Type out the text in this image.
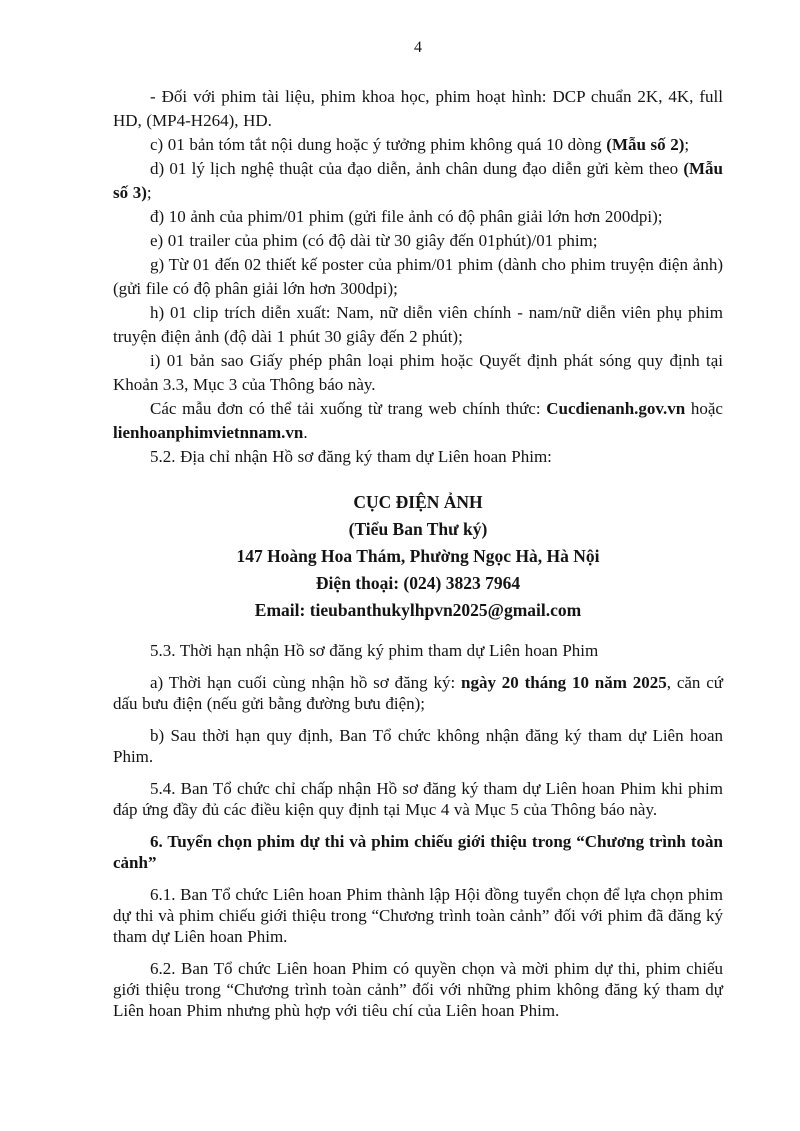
4

- Đối với phim tài liệu, phim khoa học, phim hoạt hình: DCP chuẩn 2K, 4K, full HD, (MP4-H264), HD.

c) 01 bản tóm tắt nội dung hoặc ý tưởng phim không quá 10 dòng (Mẫu số 2);

d) 01 lý lịch nghệ thuật của đạo diễn, ảnh chân dung đạo diễn gửi kèm theo (Mẫu số 3);

đ) 10 ảnh của phim/01 phim (gửi file ảnh có độ phân giải lớn hơn 200dpi);

e) 01 trailer của phim (có độ dài từ 30 giây đến 01phút)/01 phim;

g) Từ 01 đến 02 thiết kế poster của phim/01 phim (dành cho phim truyện điện ảnh) (gửi file có độ phân giải lớn hơn 300dpi);

h) 01 clip trích diễn xuất: Nam, nữ diễn viên chính - nam/nữ diễn viên phụ phim truyện điện ảnh (độ dài 1 phút 30 giây đến 2 phút);

i) 01 bản sao Giấy phép phân loại phim hoặc Quyết định phát sóng quy định tại Khoản 3.3, Mục 3 của Thông báo này.

Các mẫu đơn có thể tải xuống từ trang web chính thức: Cucdienanh.gov.vn hoặc lienhoanphimvietnnam.vn.

5.2. Địa chỉ nhận Hồ sơ đăng ký tham dự Liên hoan Phim:

CỤC ĐIỆN ẢNH

(Tiểu Ban Thư ký)

147 Hoàng Hoa Thám, Phường Ngọc Hà, Hà Nội

Điện thoại: (024) 3823 7964

Email: tieubanthukylhpvn2025@gmail.com

5.3. Thời hạn nhận Hồ sơ đăng ký phim tham dự Liên hoan Phim

a) Thời hạn cuối cùng nhận hồ sơ đăng ký: ngày 20 tháng 10 năm 2025, căn cứ dấu bưu điện (nếu gửi bằng đường bưu điện);

b) Sau thời hạn quy định, Ban Tổ chức không nhận đăng ký tham dự Liên hoan Phim.

5.4. Ban Tổ chức chỉ chấp nhận Hồ sơ đăng ký tham dự Liên hoan Phim khi phim đáp ứng đầy đủ các điều kiện quy định tại Mục 4 và Mục 5 của Thông báo này.

6. Tuyển chọn phim dự thi và phim chiếu giới thiệu trong “Chương trình toàn cảnh”

6.1. Ban Tổ chức Liên hoan Phim thành lập Hội đồng tuyển chọn để lựa chọn phim dự thi và phim chiếu giới thiệu trong “Chương trình toàn cảnh” đối với phim đã đăng ký tham dự Liên hoan Phim.

6.2. Ban Tổ chức Liên hoan Phim có quyền chọn và mời phim dự thi, phim chiếu giới thiệu trong “Chương trình toàn cảnh” đối với những phim không đăng ký tham dự Liên hoan Phim nhưng phù hợp với tiêu chí của Liên hoan Phim.
